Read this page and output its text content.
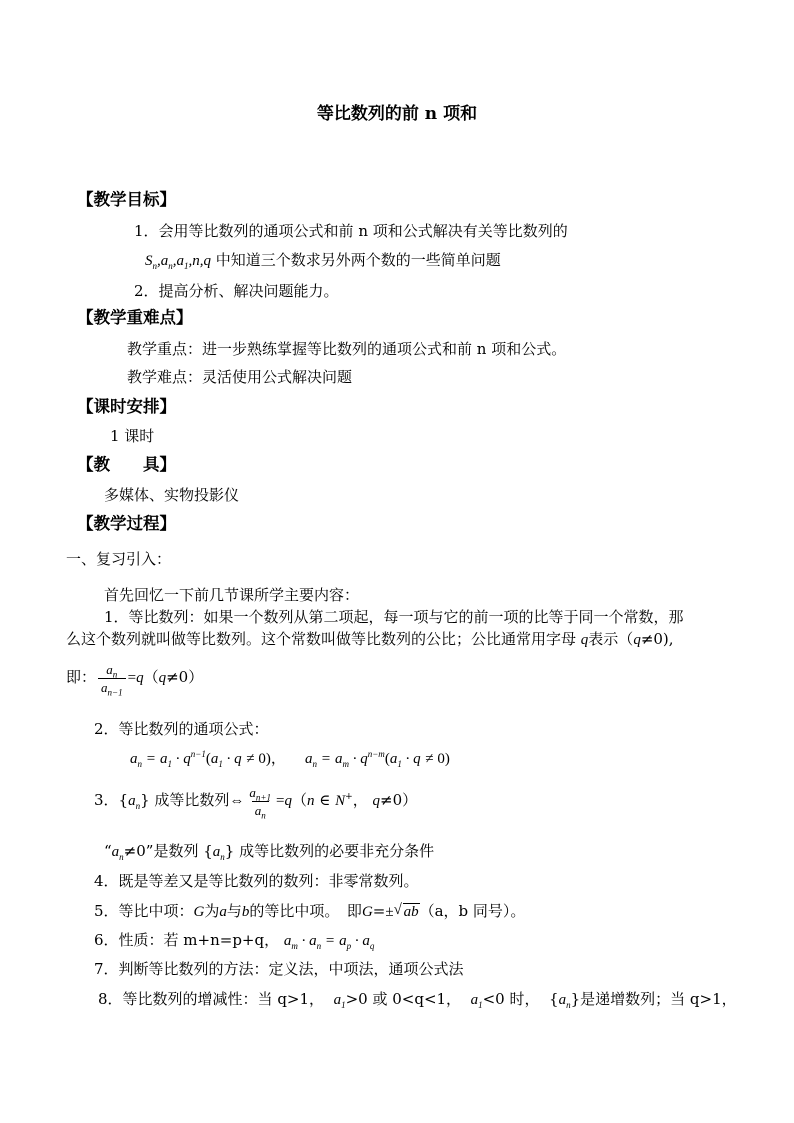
等比数列的前 n 项和
【教学目标】
1．会用等比数列的通项公式和前 n 项和公式解决有关等比数列的
$S_n,a_n,a_1,n,q$ 中知道三个数求另外两个数的一些简单问题
2．提高分析、解决问题能力。
【教学重难点】
教学重点：进一步熟练掌握等比数列的通项公式和前 n 项和公式。
教学难点：灵活使用公式解决问题
【课时安排】
1 课时
【教　　具】
多媒体、实物投影仪
【教学过程】
一、复习引入：
首先回忆一下前几节课所学主要内容：
1．等比数列：如果一个数列从第二项起，每一项与它的前一项的比等于同一个常数，那
么这个数列就叫做等比数列。这个常数叫做等比数列的公比；公比通常用字母 q表示（q≠0),
即： $\frac{a_n}{a_{n-1}} =q(q\ne 0)$
2．等比数列的通项公式：
$a_n = a_1 \cdot q^{n-1}(a_1 \cdot q \ne 0)$，    $a_n = a_m \cdot q^{n-m}(a_1 \cdot q \ne 0)$
3．$\{a_n\}$ 成等比数列⇔ $\frac{a_{n+1}}{a_n} =q(n$ ∈ N+， q≠0）
“$a_n\ne 0$”是数列 $\{a_n\}$ 成等比数列的必要非充分条件
4．既是等差又是等比数列的数列：非零常数列。
5．等比中项：G为a与b的等比中项。　即G=± √ ab（a，b 同号）。
6．性质：若 m+n=p+q， $a_m \cdot a_n = a_p \cdot a_q$
7．判断等比数列的方法：定义法，中项法，通项公式法
8．等比数列的增减性：当 q>1， $a_1>0$ 或 0<q<1， $a_1<0$ 时， $\{a_n\}$是递增数列；当 q>1，
